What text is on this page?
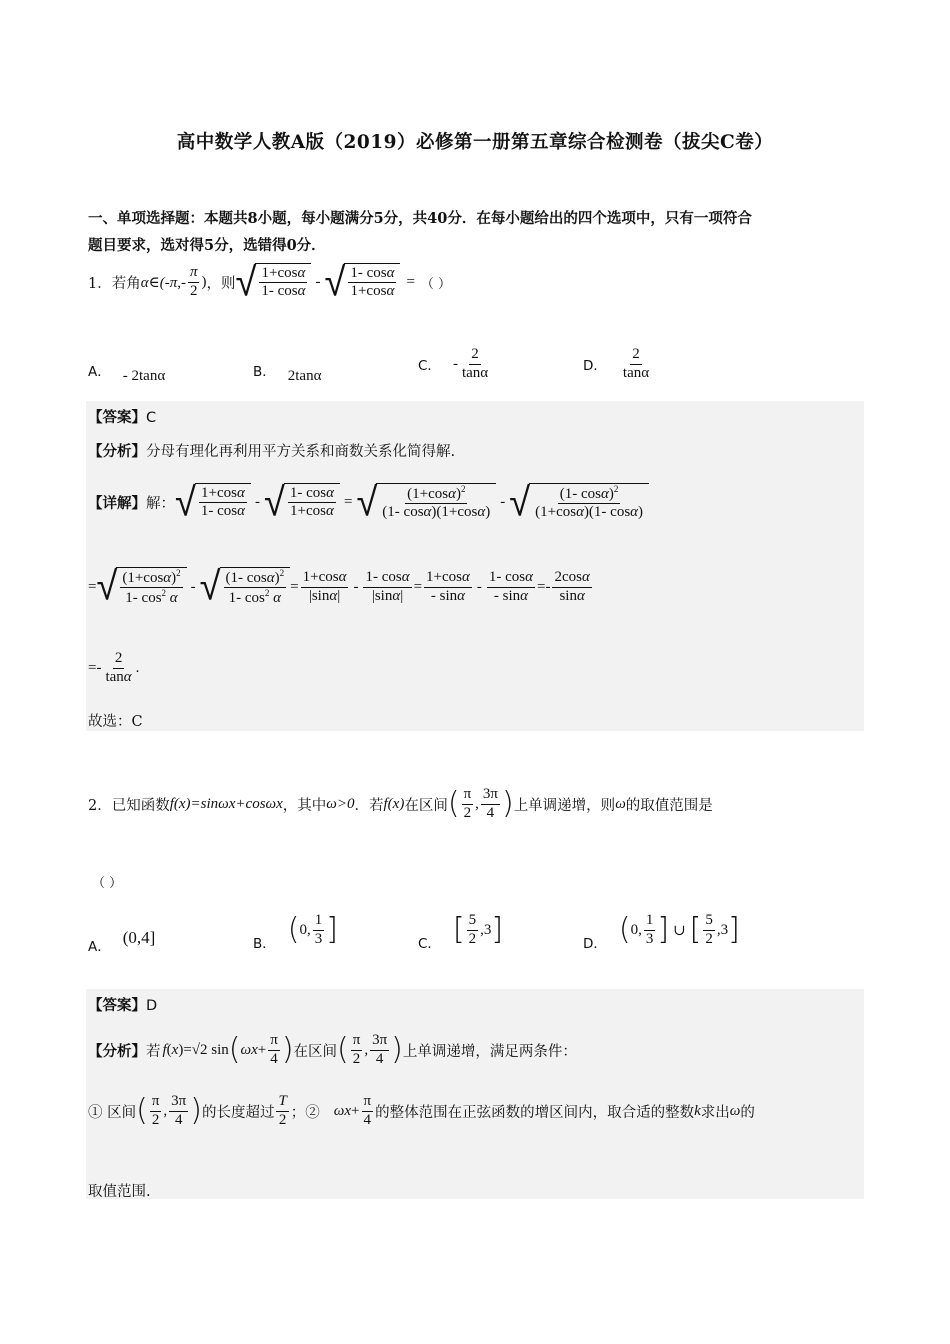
高中数学人教A版（2019）必修第一册第五章综合检测卷（拔尖C卷）
一、单项选择题：本题共8小题，每小题满分5分，共40分．在每小题给出的四个选项中，只有一项符合
题目要求，选对得5分，选错得0分．
1． 若角 α∈(-π,- $\frac{\pi}{2}$ ) ，则 √ $\frac{1+\cos\alpha}{1- \cos\alpha}$ - √ $\frac{1- \cos\alpha}{1+\cos\alpha}$ = （ ）
A． - 2tanα	B． 2tanα
C． - $\frac{2}{\tan\alpha}$	D． $\frac{2}{\tan\alpha}$
【答案】C
【分析】分母有理化再利用平方关系和商数关系化简得解.
【详解】 解： √ $\frac{1+\cos\alpha}{1- \cos\alpha}$ - √ $\frac{1- \cos\alpha}{1+\cos\alpha}$ = √ $\frac{(1+\cos\alpha)^2}{(1- \cos\alpha)(1+\cos\alpha)}$ - √ $\frac{(1- \cos\alpha)^2}{(1+\cos\alpha)(1- \cos\alpha)}$
= √ $\frac{(1+\cos\alpha)^2}{1- \cos^2 \alpha}$ - √ $\frac{(1- \cos\alpha)^2}{1- \cos^2 \alpha} = \frac{1+\cos\alpha}{|\sin\alpha|} - \frac{1- \cos\alpha}{|\sin\alpha|} = \frac{1+\cos\alpha}{- \sin\alpha} - \frac{1- \cos\alpha}{- \sin\alpha} =- \frac{2\cos\alpha}{\sin\alpha}$
=- $\frac{2}{\tan\alpha}$ .
故选：C
2． 已知函数 f(x)=sinωx+cosωx ，其中 ω>0 ．若 f(x) 在区间 ( $\frac{\pi}{2}$ , $\frac{3\pi}{4}$ ) 上单调递增，则 ω 的取值范围是
（ ）
A． (0,4]	B． ( 0, $\frac{1}{3}$ ]	C． [ $\frac{5}{2} ,3$ ]	D． ( 0, $\frac{1}{3}$ ] ∪ [ $\frac{5}{2} ,3$ ]
【答案】D
【分析】 若 f ( x )=√2 sin ( $\omega x + \frac{\pi}{4}$ ) 在区间 ( $\frac{\pi}{2}$ , $\frac{3\pi}{4}$ ) 上单调递增，满足两条件：
① 区间 ( $\frac{\pi}{2}$ , $\frac{3\pi}{4}$ ) 的长度超过 $\frac{T}{2}$ ；② $\omega x + \frac{\pi}{4}$ 的整体范围在正弦函数的增区间内，取合适的整数 k 求出 ω 的
取值范围.
